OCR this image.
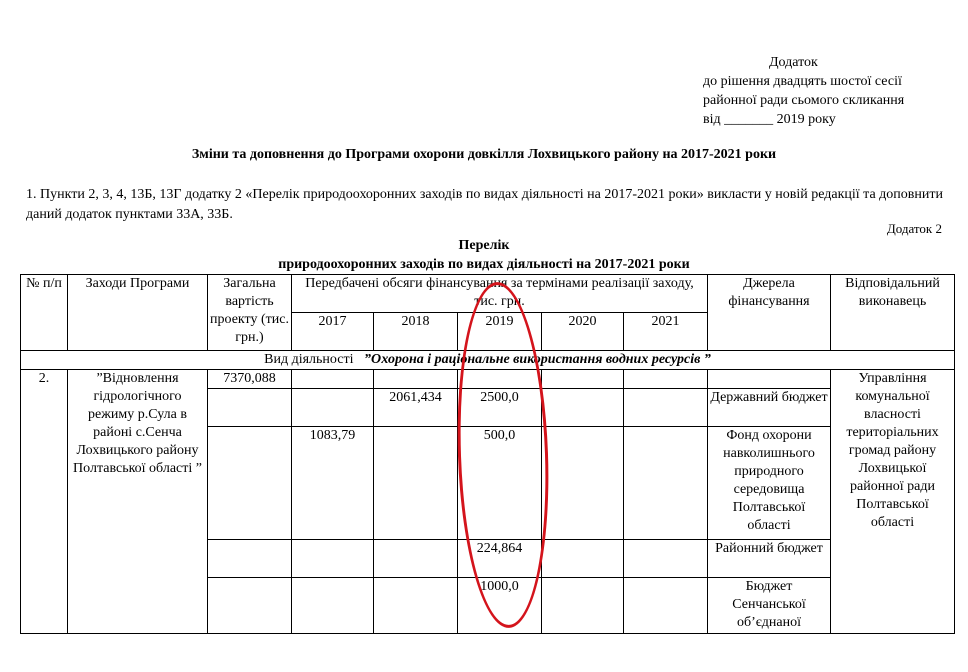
Додаток
до рішення двадцять шостої сесії
районної ради сьомого скликання
від _______ 2019 року
Зміни та доповнення до Програми охорони довкілля Лохвицького району на 2017-2021 роки
1. Пункти 2, 3, 4, 13Б, 13Г додатку 2 «Перелік природоохоронних заходів по видах діяльності на 2017-2021 роки» викласти у новій редакції та доповнити даний додаток пунктами 33А, 33Б.
Додаток 2
Перелік
природоохоронних заходів по видах діяльності на 2017-2021 роки
№ п/п	Заходи Програми	Загальна вартість проекту (тис. грн.)	Передбачені обсяги фінансування за термінами реалізації заходу, тис. грн.					Джерела фінансування	Відповідальний виконавець
			2017	2018	2019	2020	2021		
Вид діяльності ”Охорона і раціональне використання водних ресурсів ”									
2.	”Відновлення гідрологічного режиму р.Сула в районі с.Сенча Лохвицького району Полтавської області ”	7370,088							Управління комунальної власності територіальних громад району Лохвицької районної ради Полтавської області
				2061,434	2500,0			Державний бюджет	
			1083,79		500,0			Фонд охорони навколишнього природного середовища Полтавської області	
					224,864			Районний бюджет	
					1000,0			Бюджет Сенчанської об’єднаної	
